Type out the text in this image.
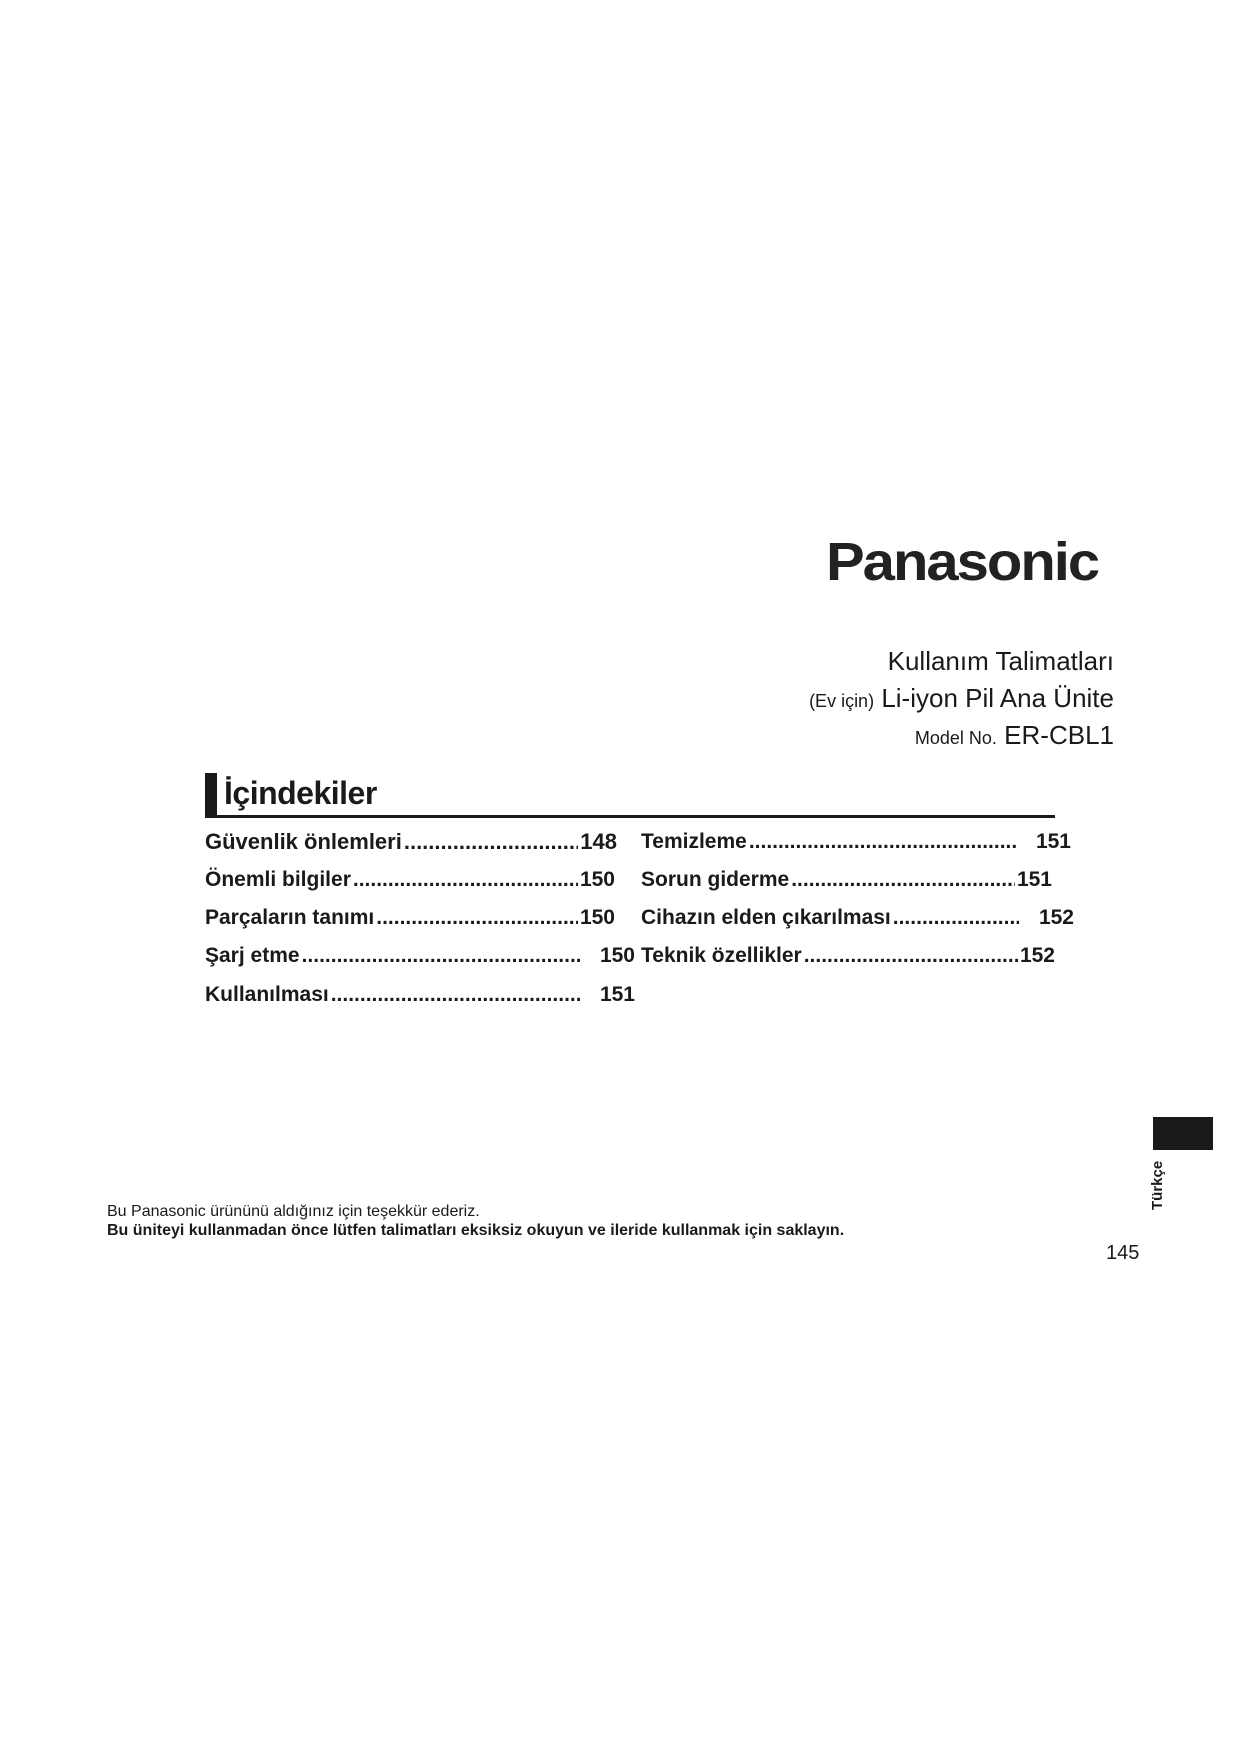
Panasonic
Kullanım Talimatları
(Ev için) Li-iyon Pil Ana Ünite
Model No. ER-CBL1
İçindekiler
Güvenlik önlemleri .....	148
Önemli bilgiler .....	150
Parçaların tanımı .....	150
Şarj etme .....	150
Kullanılması .....	151
Temizleme .....	151
Sorun giderme .....	151
Cihazın elden çıkarılması .....	152
Teknik özellikler .....	152
Türkçe
Bu Panasonic ürününü aldığınız için teşekkür ederiz.
Bu üniteyi kullanmadan önce lütfen talimatları eksiksiz okuyun ve ileride kullanmak için saklayın.
145
